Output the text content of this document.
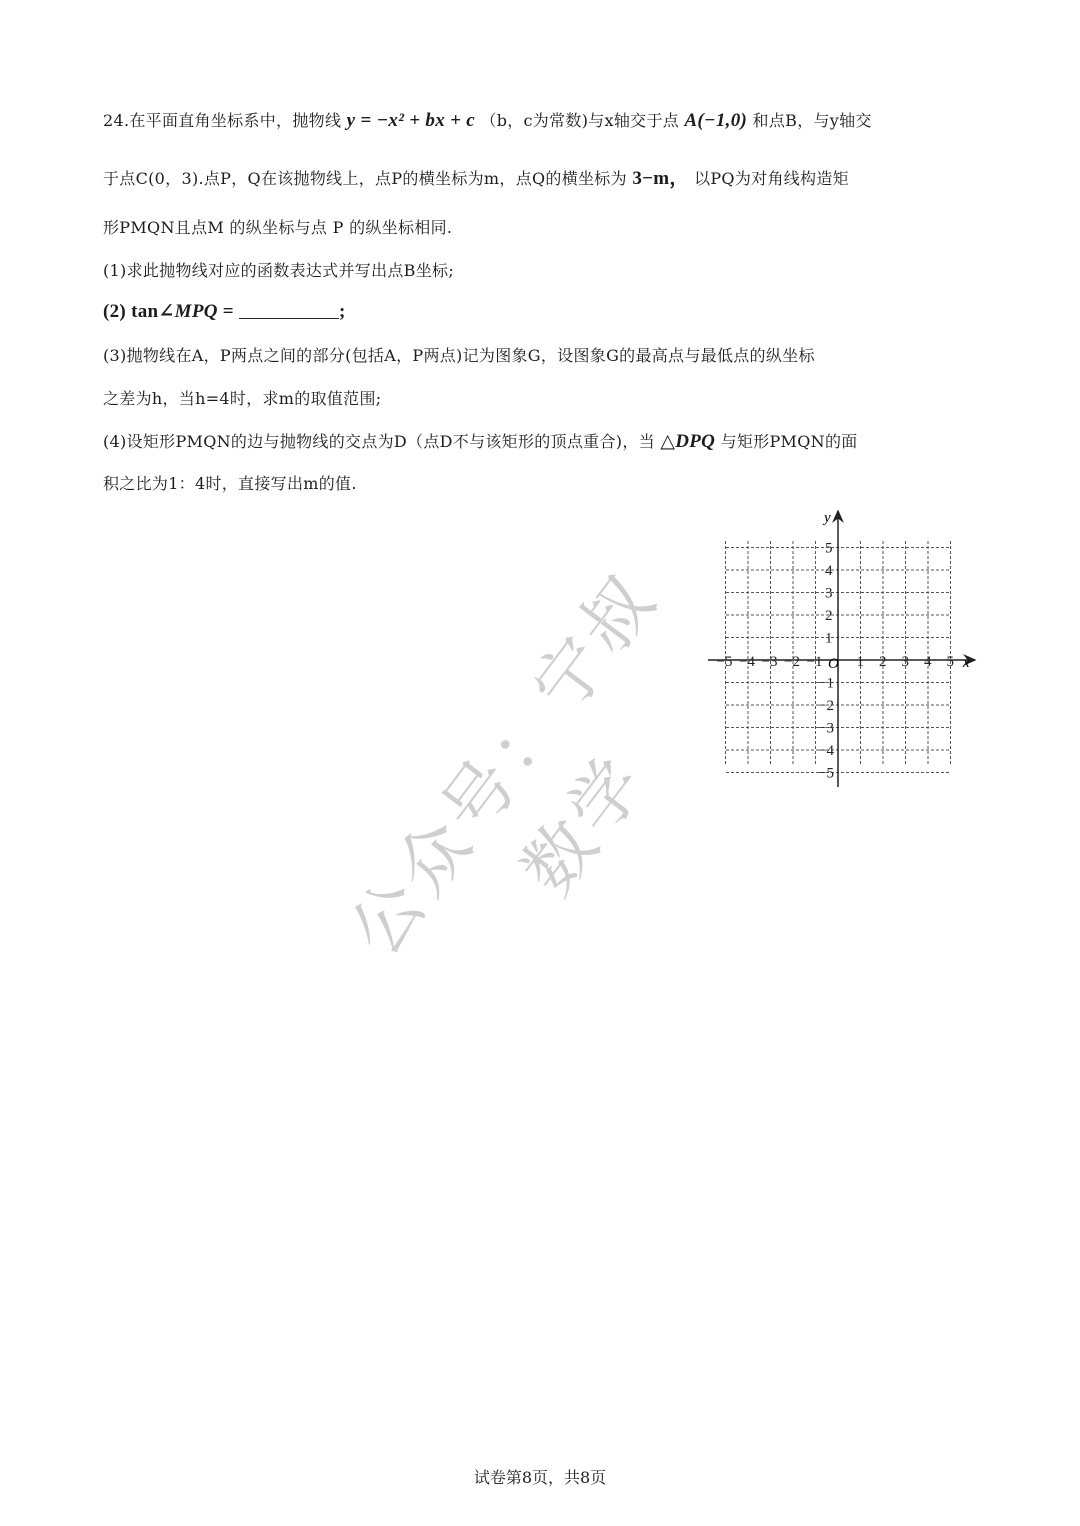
24.在平面直角坐标系中，抛物线 y = −x² + bx + c （b，c为常数)与x轴交于点 A(−1,0) 和点B，与y轴交
于点C(0，3).点P，Q在该抛物线上，点P的横坐标为m，点Q的横坐标为 3−m， 以PQ为对角线构造矩
形PMQN且点M 的纵坐标与点 P 的纵坐标相同.
(1)求此抛物线对应的函数表达式并写出点B坐标;
(2) tan∠MPQ =	;
(3)抛物线在A，P两点之间的部分(包括A，P两点)记为图象G，设图象G的最高点与最低点的纵坐标
之差为h，当h=4时，求m的取值范围;
(4)设矩形PMQN的边与抛物线的交点为D（点D不与该矩形的顶点重合)，当 △DPQ 与矩形PMQN的面
积之比为1：4时，直接写出m的值.
x
y
O
−5 −4 −3 −2 −1 1 2 3 4 5
5
4
3
2
1
−1
−2
−3
−4
−5
公众号：宁叔数学
试卷第8页，共8页
